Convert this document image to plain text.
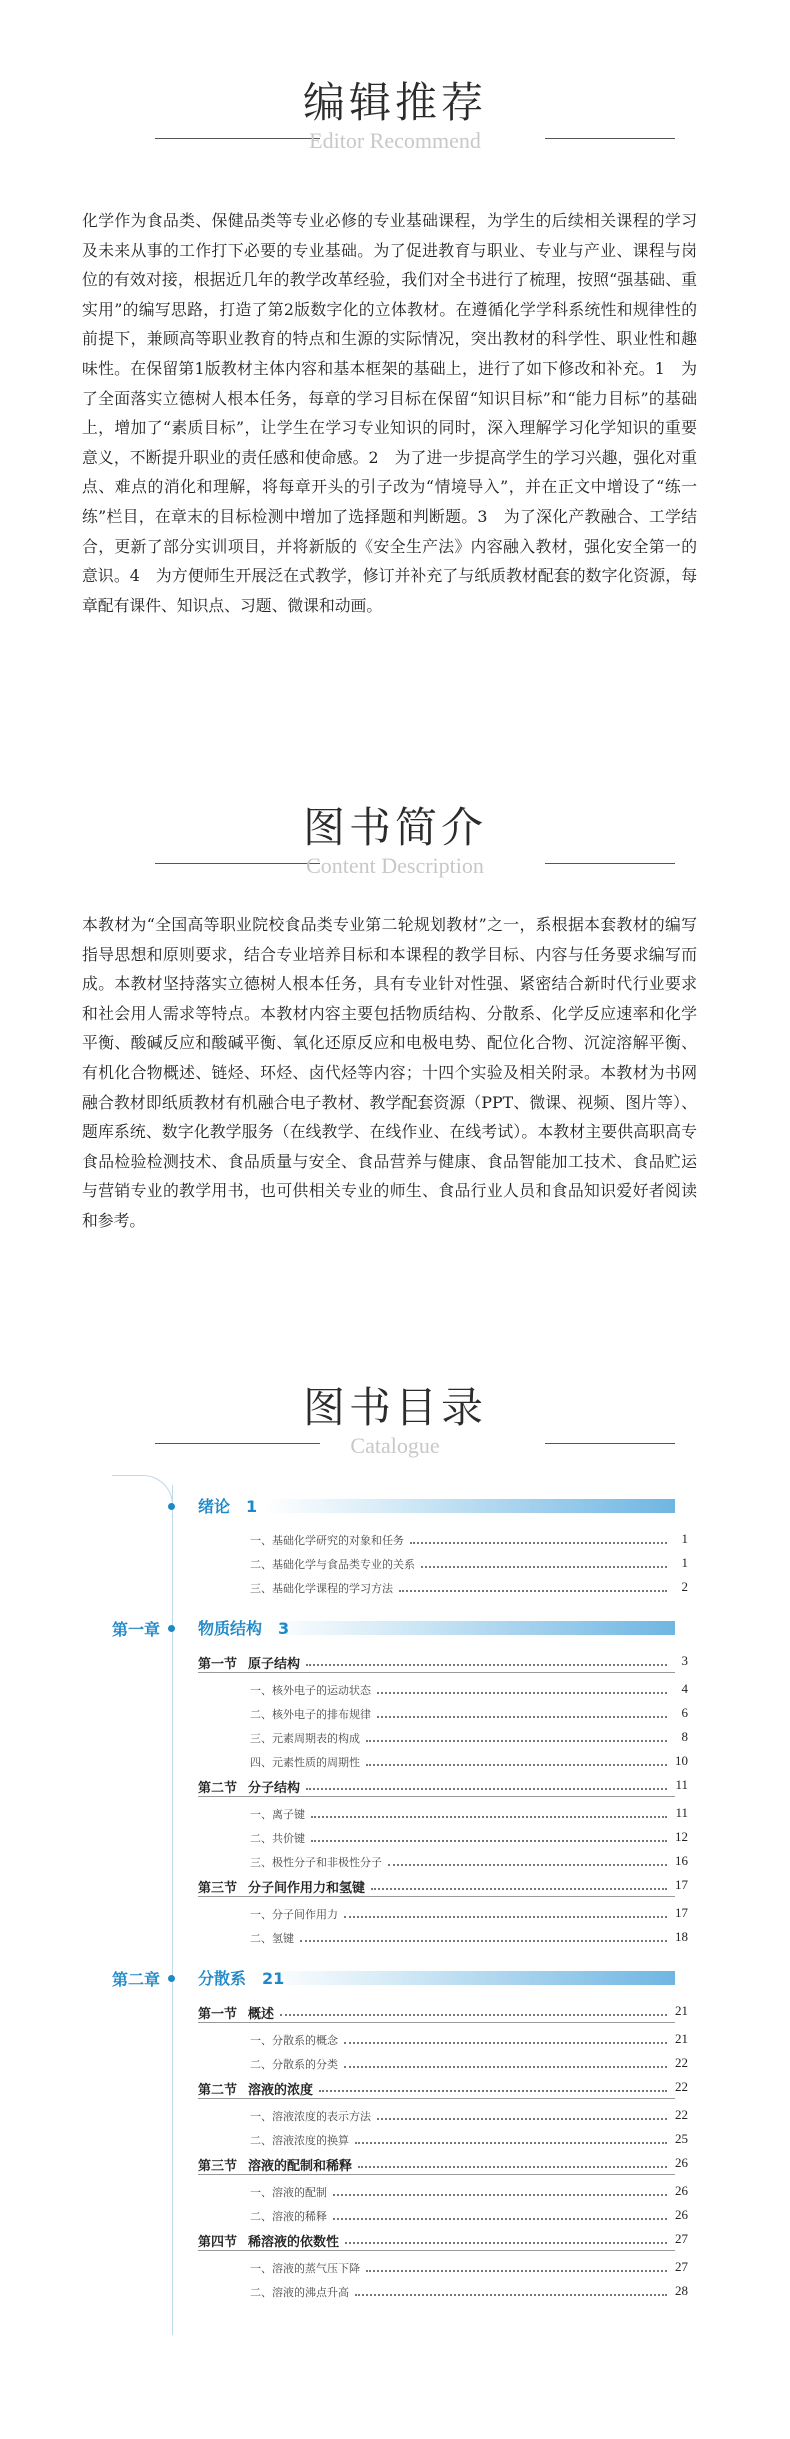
编辑推荐
Editor Recommend

化学作为食品类、保健品类等专业必修的专业基础课程，为学生的后续相关课程的学习及未来从事的工作打下必要的专业基础。为了促进教育与职业、专业与产业、课程与岗位的有效对接，根据近几年的教学改革经验，我们对全书进行了梳理，按照“强基础、重实用”的编写思路，打造了第2版数字化的立体教材。在遵循化学学科系统性和规律性的前提下，兼顾高等职业教育的特点和生源的实际情况，突出教材的科学性、职业性和趣味性。在保留第1版教材主体内容和基本框架的基础上，进行了如下修改和补充。1　为了全面落实立德树人根本任务，每章的学习目标在保留“知识目标”和“能力目标”的基础上，增加了“素质目标”，让学生在学习专业知识的同时，深入理解学习化学知识的重要意义，不断提升职业的责任感和使命感。2　为了进一步提高学生的学习兴趣，强化对重点、难点的消化和理解，将每章开头的引子改为“情境导入”，并在正文中增设了“练一练”栏目，在章末的目标检测中增加了选择题和判断题。3　为了深化产教融合、工学结合，更新了部分实训项目，并将新版的《安全生产法》内容融入教材，强化安全第一的意识。4　为方便师生开展泛在式教学，修订并补充了与纸质教材配套的数字化资源，每章配有课件、知识点、习题、微课和动画。

图书简介
Content Description

本教材为“全国高等职业院校食品类专业第二轮规划教材”之一，系根据本套教材的编写指导思想和原则要求，结合专业培养目标和本课程的教学目标、内容与任务要求编写而成。本教材坚持落实立德树人根本任务，具有专业针对性强、紧密结合新时代行业要求和社会用人需求等特点。本教材内容主要包括物质结构、分散系、化学反应速率和化学平衡、酸碱反应和酸碱平衡、氧化还原反应和电极电势、配位化合物、沉淀溶解平衡、有机化合物概述、链烃、环烃、卤代烃等内容；十四个实验及相关附录。本教材为书网融合教材即纸质教材有机融合电子教材、教学配套资源（PPT、微课、视频、图片等）、题库系统、数字化教学服务（在线教学、在线作业、在线考试）。本教材主要供高职高专食品检验检测技术、食品质量与安全、食品营养与健康、食品智能加工技术、食品贮运与营销专业的教学用书，也可供相关专业的师生、食品行业人员和食品知识爱好者阅读和参考。

图书目录
Catalogue
绪论　1
一、基础化学研究的对象和任务	1
二、基础化学与食品类专业的关系	1
三、基础化学课程的学习方法	2
第一章 物质结构　3
第一节 原子结构	3
一、核外电子的运动状态	4
二、核外电子的排布规律	6
三、元素周期表的构成	8
四、元素性质的周期性	10
第二节 分子结构	11
一、离子键	11
二、共价键	12
三、极性分子和非极性分子	16
第三节 分子间作用力和氢键	17
一、分子间作用力	17
二、氢键	18
第二章 分散系　21
第一节 概述	21
一、分散系的概念	21
二、分散系的分类	22
第二节 溶液的浓度	22
一、溶液浓度的表示方法	22
二、溶液浓度的换算	25
第三节 溶液的配制和稀释	26
一、溶液的配制	26
二、溶液的稀释	26
第四节 稀溶液的依数性	27
一、溶液的蒸气压下降	27
二、溶液的沸点升高	28
